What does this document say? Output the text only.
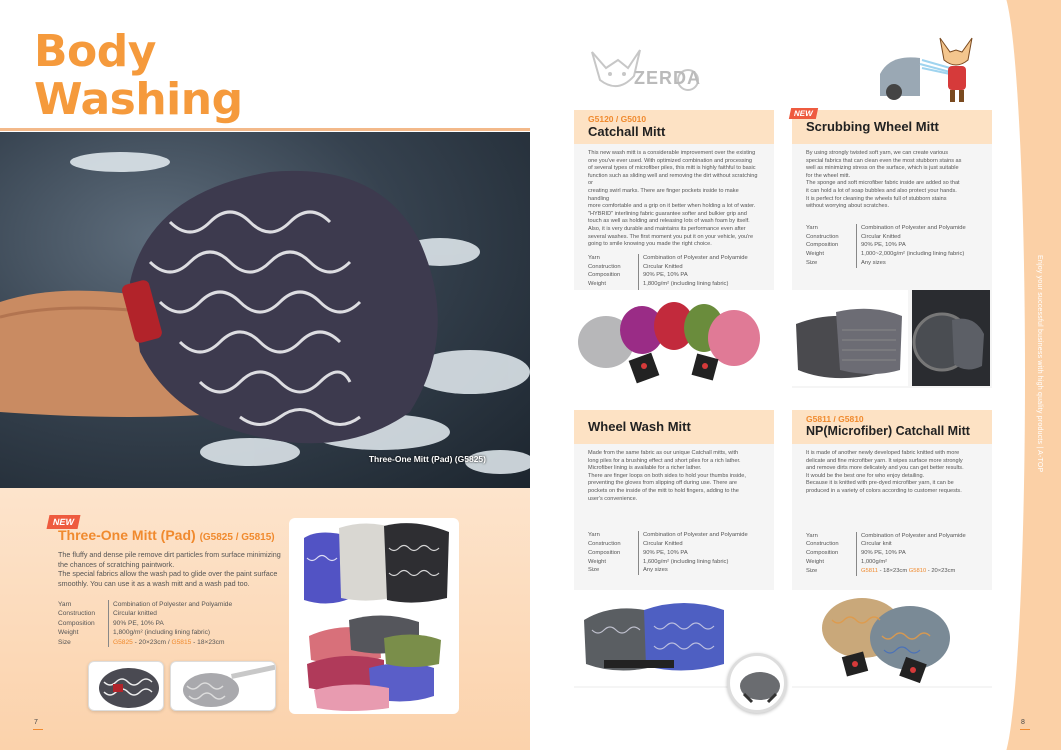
Body
Washing
Three-One Mitt (Pad) (G5825)
NEW
Three-One Mitt (Pad) (G5825 / G5815)
The fluffy and dense pile remove dirt particles from surface minimizing
the chances of scratching paintwork.
The special fabrics allow the wash pad to glide over the paint surface
smoothly. You can use it as a wash mitt and a wash pad too.
Yarn	Combination of Polyester and Polyamide
Construction	Circular knitted
Composition	90% PE, 10% PA
Weight	1,800g/m² (including lining fabric)
Size	G5825 - 20×23cm / G5815 - 18×23cm
7
Enjoy your successful business with high quality products | A-TOP
ZERDA
G5120 / G5010
Catchall Mitt
This new wash mitt is a considerable improvement over the existing
one you've ever used. With optimized combination and processing
of several types of microfiber piles, this mitt is highly faithful to basic
function such as sliding well and removing the dirt without scratching or
creating swirl marks. There are finger pockets inside to make handling
more comfortable and a grip on it better when holding a lot of water.
"HYBRID" interlining fabric guarantee softer and bulkier grip and
touch as well as holding and releasing lots of wash foam by itself.
Also, it is very durable and maintains its performance even after
several washes. The first moment you put it on your vehicle, you're
going to smile knowing you made the right choice.
Yarn	Combination of Polyester and Polyamide
Construction	Circular Knitted
Composition	90% PE, 10% PA
Weight	1,800g/m² (including lining fabric)
Scrubbing Wheel Mitt
By using strongly twisted soft yarn, we can create various
special fabrics that can clean even the most stubborn stains as
well as minimizing stress on the surface, which is just suitable
for the wheel mitt.
The sponge and soft microfiber fabric inside are added so that
it can hold a lot of soap bubbles and also protect your hands.
It is perfect for cleaning the wheels full of stubborn stains
without worrying about scratches.
Yarn	Combination of Polyester and Polyamide
Construction	Circular Knitted
Composition	90% PE, 10% PA
Weight	1,000~2,000g/m² (including lining fabric)
Size	Any sizes
NEW
Wheel Wash Mitt
Made from the same fabric as our unique Catchall mitts, with
long piles for a brushing effect and short piles for a rich lather.
Microfiber lining is available for a richer lather.
There are finger loops on both sides to hold your thumbs inside,
preventing the gloves from slipping off during use. There are
pockets on the inside of the mitt to hold fingers, adding to the
user's convenience.
Yarn	Combination of Polyester and Polyamide
Construction	Circular Knitted
Composition	90% PE, 10% PA
Weight	1,600g/m² (including lining fabric)
Size	Any sizes
G5811 / G5810
NP(Microfiber) Catchall Mitt
It is made of another newly developed fabric knitted with more
delicate and fine microfiber yarn. It wipes surface more strongly
and remove dirts more delicately and you can get better results.
It would be the best one for who enjoy detailing.
Because it is knitted with pre-dyed microfiber yarn, it can be
produced in a variety of colors according to customer requests.
Yarn	Combination of Polyester and Polyamide
Construction	Circular knit
Composition	90% PE, 10% PA
Weight	1,000g/m²
Size	G5811 - 18×23cm G5810 - 20×23cm
8
